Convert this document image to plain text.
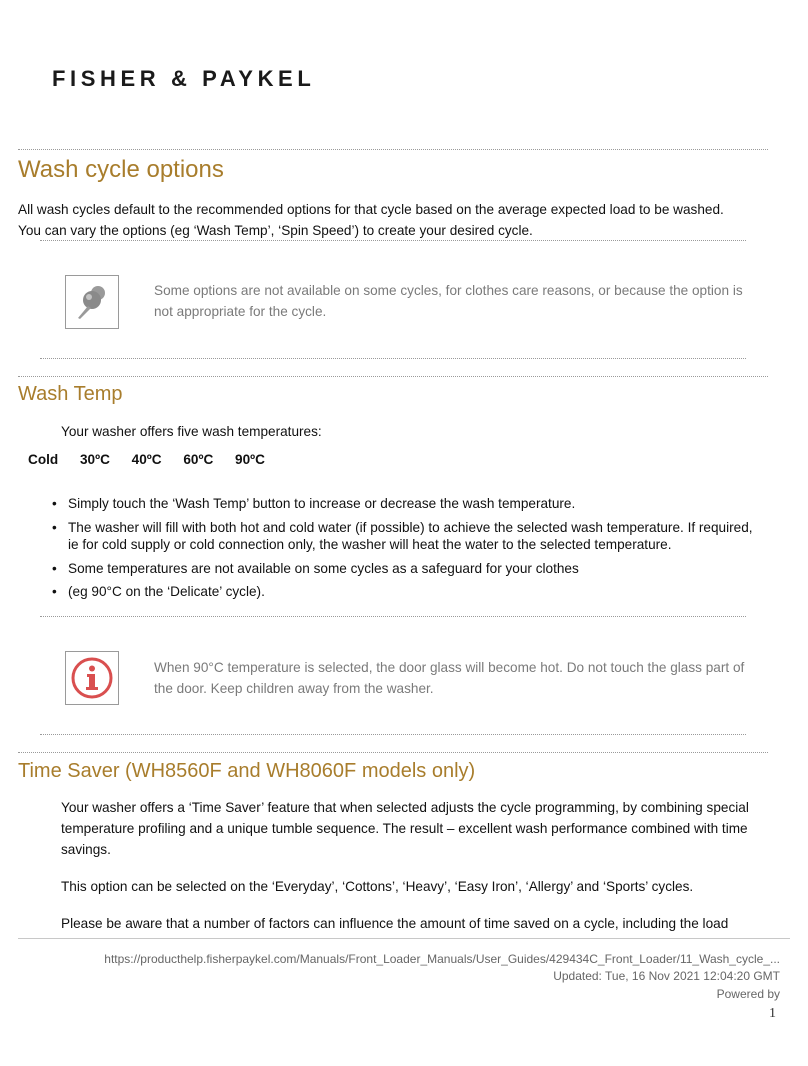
FISHER & PAYKEL
Wash cycle options
All wash cycles default to the recommended options for that cycle based on the average expected load to be washed.
You can vary the options (eg ‘Wash Temp’, ‘Spin Speed’) to create your desired cycle.
Some options are not available on some cycles, for clothes care reasons, or because the option is not appropriate for the cycle.
Wash Temp
Your washer offers five wash temperatures:
Cold 30ºC 40ºC 60ºC 90ºC
• Simply touch the ‘Wash Temp’ button to increase or decrease the wash temperature.
• The washer will fill with both hot and cold water (if possible) to achieve the selected wash temperature. If required, ie for cold supply or cold connection only, the washer will heat the water to the selected temperature.
• Some temperatures are not available on some cycles as a safeguard for your clothes
• (eg 90°C on the ‘Delicate’ cycle).
When 90°C temperature is selected, the door glass will become hot. Do not touch the glass part of the door. Keep children away from the washer.
Time Saver (WH8560F and WH8060F models only)
Your washer offers a ‘Time Saver’ feature that when selected adjusts the cycle programming, by combining special temperature profiling and a unique tumble sequence. The result – excellent wash performance combined with time savings.
This option can be selected on the ‘Everyday’, ‘Cottons’, ‘Heavy’, ‘Easy Iron’, ‘Allergy’ and ‘Sports’ cycles.
Please be aware that a number of factors can influence the amount of time saved on a cycle, including the load
https://producthelp.fisherpaykel.com/Manuals/Front_Loader_Manuals/User_Guides/429434C_Front_Loader/11_Wash_cycle_...
Updated: Tue, 16 Nov 2021 12:04:20 GMT
Powered by
1
